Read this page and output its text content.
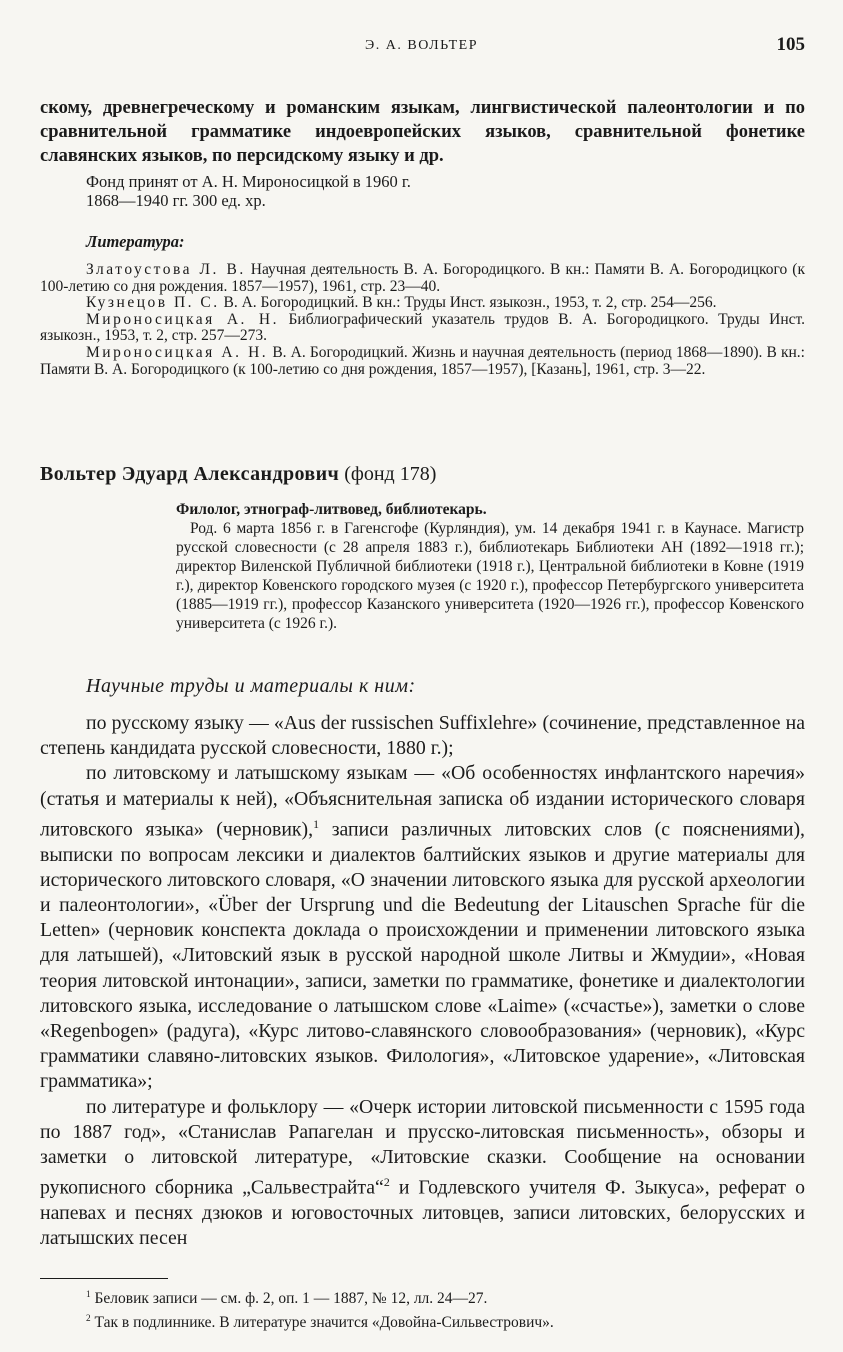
Э. А. ВОЛЬТЕР	105

скому, древнегреческому и романским языкам, лингвистической палеонтологии и по сравнительной грамматике индоевропейских языков, сравнительной фонетике славянских языков, по персидскому языку и др.

Фонд принят от А. Н. Мироносицкой в 1960 г.
1868—1940 гг. 300 ед. хр.
Литература:

Златоустова Л. В. Научная деятельность В. А. Богородицкого. В кн.: Памяти В. А. Богородицкого (к 100-летию со дня рождения. 1857—1957), 1961, стр. 23—40.

Кузнецов П. С. В. А. Богородицкий. В кн.: Труды Инст. языкозн., 1953, т. 2, стр. 254—256.

Мироносицкая А. Н. Библиографический указатель трудов В. А. Богородицкого. Труды Инст. языкозн., 1953, т. 2, стр. 257—273.

Мироносицкая А. Н. В. А. Богородицкий. Жизнь и научная деятельность (период 1868—1890). В кн.: Памяти В. А. Богородицкого (к 100-летию со дня рождения, 1857—1957), [Казань], 1961, стр. 3—22.

Вольтер Эдуард Александрович (фонд 178)
Филолог, этнограф-литвовед, библиотекарь.

Род. 6 марта 1856 г. в Гагенсгофе (Курляндия), ум. 14 декабря 1941 г. в Каунасе. Магистр русской словесности (с 28 апреля 1883 г.), библиотекарь Библиотеки АН (1892—1918 гг.); директор Виленской Публичной библиотеки (1918 г.), Центральной библиотеки в Ковне (1919 г.), директор Ковенского городского музея (с 1920 г.), профессор Петербургского университета (1885—1919 гг.), профессор Казанского университета (1920—1926 гг.), профессор Ковенского университета (с 1926 г.).

Научные труды и материалы к ним:

по русскому языку — «Aus der russischen Suffixlehre» (сочинение, представленное на степень кандидата русской словесности, 1880 г.);

по литовскому и латышскому языкам — «Об особенностях инфлантского наречия» (статья и материалы к ней), «Объяснительная записка об издании исторического словаря литовского языка» (черновик),$^1$ записи различных литовских слов (с пояснениями), выписки по вопросам лексики и диалектов балтийских языков и другие материалы для исторического литовского словаря, «О значении литовского языка для русской археологии и палеонтологии», «Über der Ursprung und die Bedeutung der Litauschen Sprache für die Letten» (черновик конспекта доклада о происхождении и применении литовского языка для латышей), «Литовский язык в русской народной школе Литвы и Жмудии», «Новая теория литовской интонации», записи, заметки по грамматике, фонетике и диалектологии литовского языка, исследование о латышском слове «Laime» («счастье»), заметки о слове «Regenbogen» (радуга), «Курс литово-славянского словообразования» (черновик), «Курс грамматики славяно-литовских языков. Филология», «Литовское ударение», «Литовская грамматика»;

по литературе и фольклору — «Очерк истории литовской письменности с 1595 года по 1887 год», «Станислав Рапагелан и прусско-литовская письменность», обзоры и заметки о литовской литературе, «Литовские сказки. Сообщение на основании рукописного сборника „Сальвестрайта“$^2$ и Годлевского учителя Ф. Зыкуса», реферат о напевах и песнях дзюков и юговосточных литовцев, записи литовских, белорусских и латышских песен

$^1$ Беловик записи — см. ф. 2, оп. 1 — 1887, № 12, лл. 24—27.

$^2$ Так в подлиннике. В литературе значится «Довойна-Сильвестрович».
